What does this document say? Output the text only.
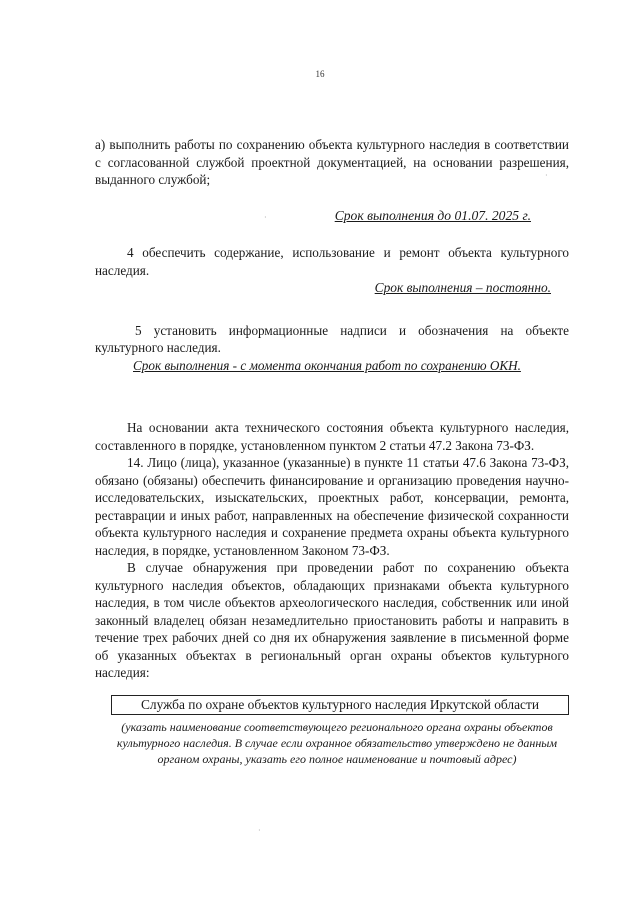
16

а) выполнить работы по сохранению объекта культурного наследия в соответствии с согласованной службой проектной документацией, на основании разрешения, выданного службой;

Срок выполнения до 01.07. 2025 г.

4 обеспечить содержание, использование и ремонт объекта культурного наследия.

Срок выполнения – постоянно.

5 установить информационные надписи и обозначения на объекте культурного наследия.

Срок выполнения - с момента окончания работ по сохранению ОКН.

На основании акта технического состояния объекта культурного наследия, составленного в порядке, установленном пунктом 2 статьи 47.2 Закона 73-ФЗ.

14. Лицо (лица), указанное (указанные) в пункте 11 статьи 47.6 Закона 73-ФЗ, обязано (обязаны) обеспечить финансирование и организацию проведения научно-исследовательских, изыскательских, проектных работ, консервации, ремонта, реставрации и иных работ, направленных на обеспечение физической сохранности объекта культурного наследия и сохранение предмета охраны объекта культурного наследия, в порядке, установленном Законом 73-ФЗ.

В случае обнаружения при проведении работ по сохранению объекта культурного наследия объектов, обладающих признаками объекта культурного наследия, в том числе объектов археологического наследия, собственник или иной законный владелец обязан незамедлительно приостановить работы и направить в течение трех рабочих дней со дня их обнаружения заявление в письменной форме об указанных объектах в региональный орган охраны объектов культурного наследия:

Служба по охране объектов культурного наследия Иркутской области
(указать наименование соответствующего регионального органа охраны объектов культурного наследия. В случае если охранное обязательство утверждено не данным органом охраны, указать его полное наименование и почтовый адрес)
·
·
·
